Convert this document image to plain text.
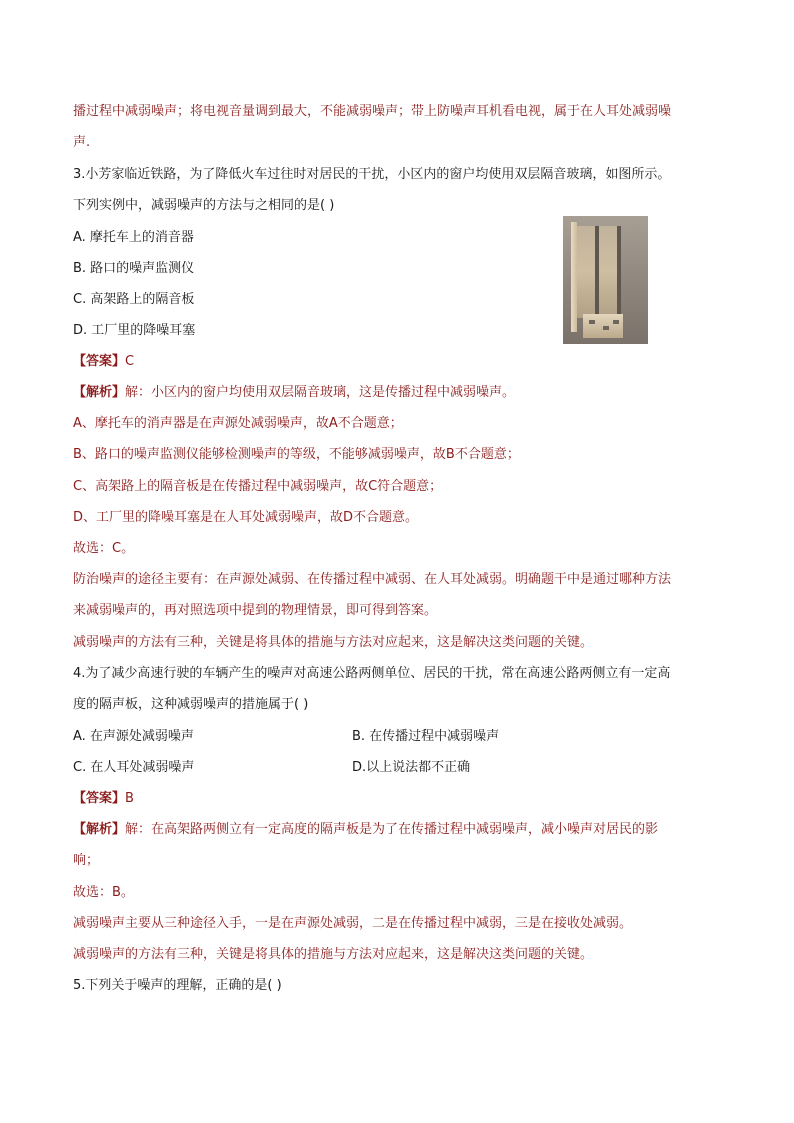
播过程中减弱噪声；将电视音量调到最大，不能减弱噪声；带上防噪声耳机看电视，属于在人耳处减弱噪
声.
3.小芳家临近铁路，为了降低火车过往时对居民的干扰，小区内的窗户均使用双层隔音玻璃，如图所示。
下列实例中，减弱噪声的方法与之相同的是( )
A. 摩托车上的消音器
B. 路口的噪声监测仪
C. 高架路上的隔音板
D. 工厂里的降噪耳塞
【答案】C
【解析】解：小区内的窗户均使用双层隔音玻璃，这是传播过程中减弱噪声。
A、摩托车的消声器是在声源处减弱噪声，故A不合题意；
B、路口的噪声监测仪能够检测噪声的等级，不能够减弱噪声，故B不合题意；
C、高架路上的隔音板是在传播过程中减弱噪声，故C符合题意；
D、工厂里的降噪耳塞是在人耳处减弱噪声，故D不合题意。
故选：C。
防治噪声的途径主要有：在声源处减弱、在传播过程中减弱、在人耳处减弱。明确题干中是通过哪种方法
来减弱噪声的，再对照选项中提到的物理情景，即可得到答案。
减弱噪声的方法有三种，关键是将具体的措施与方法对应起来，这是解决这类问题的关键。
4.为了减少高速行驶的车辆产生的噪声对高速公路两侧单位、居民的干扰，常在高速公路两侧立有一定高
度的隔声板，这种减弱噪声的措施属于( )
A. 在声源处减弱噪声	B. 在传播过程中减弱噪声
C. 在人耳处减弱噪声	D.以上说法都不正确
【答案】B
【解析】解：在高架路两侧立有一定高度的隔声板是为了在传播过程中减弱噪声，减小噪声对居民的影
响；
故选：B。
减弱噪声主要从三种途径入手，一是在声源处减弱，二是在传播过程中减弱，三是在接收处减弱。
减弱噪声的方法有三种，关键是将具体的措施与方法对应起来，这是解决这类问题的关键。
5.下列关于噪声的理解，正确的是( )
